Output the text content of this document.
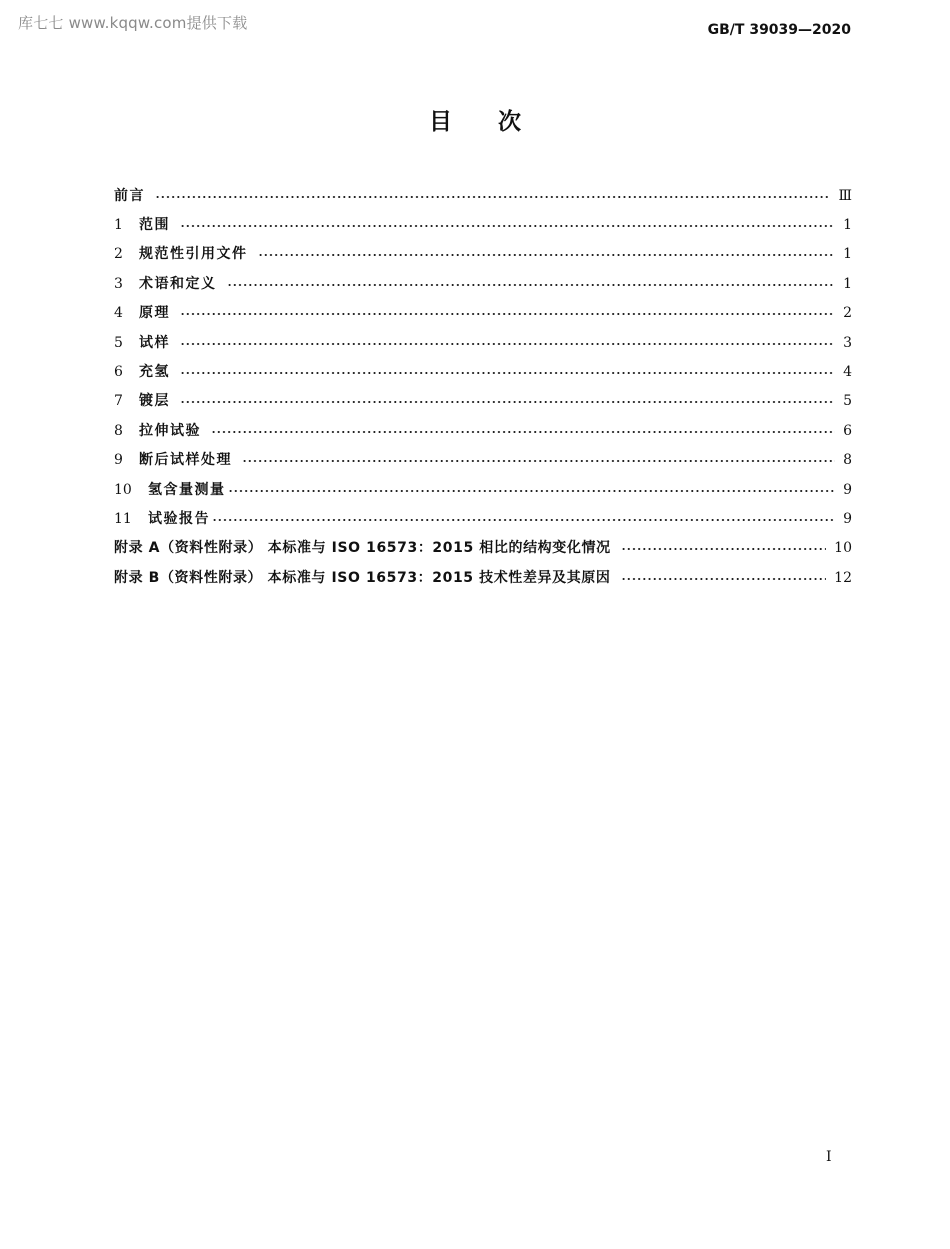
库七七 www.kqqw.com提供下载	GB/T 39039—2020
目次
前言	Ⅲ
1	范围	1
2	规范性引用文件	1
3	术语和定义	1
4	原理	2
5	试样	3
6	充氢	4
7	镀层	5
8	拉伸试验	6
9	断后试样处理	8
10	氢含量测量	9
11	试验报告	9
附录 A（资料性附录） 本标准与 ISO 16573：2015 相比的结构变化情况	10
附录 B（资料性附录） 本标准与 ISO 16573：2015 技术性差异及其原因	12
I
